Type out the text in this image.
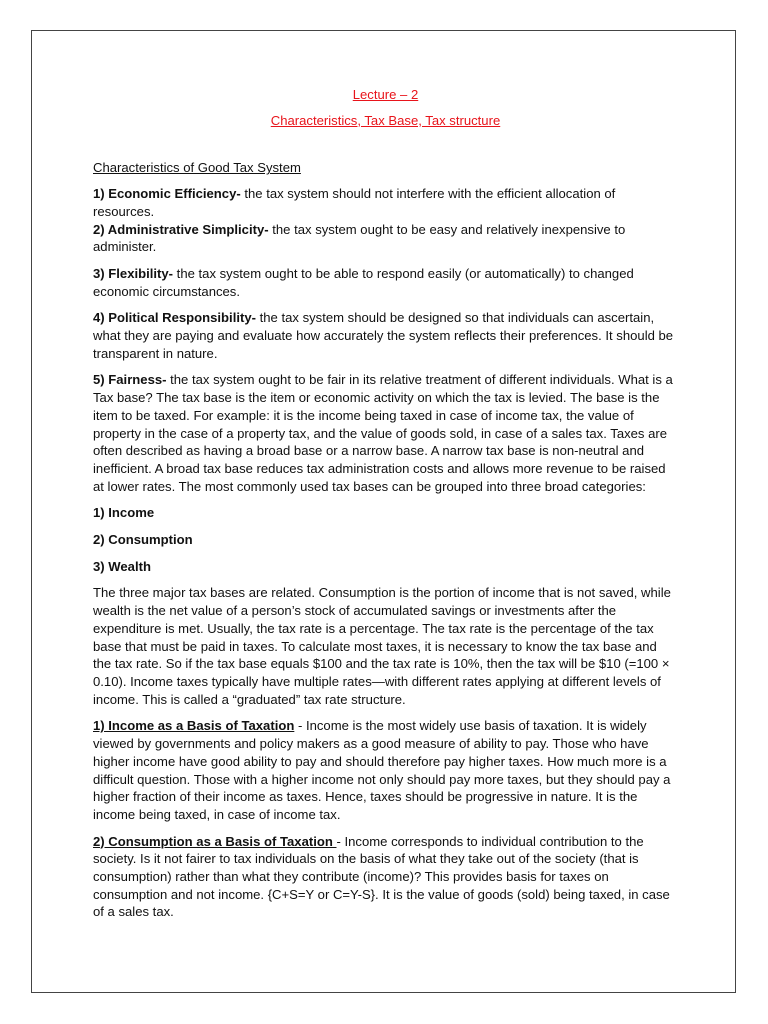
Lecture – 2
Characteristics, Tax Base, Tax structure
Characteristics of Good Tax System

1) Economic Efficiency- the tax system should not interfere with the efficient allocation of resources.

2) Administrative Simplicity- the tax system ought to be easy and relatively inexpensive to administer.

3) Flexibility- the tax system ought to be able to respond easily (or automatically) to changed economic circumstances.

4) Political Responsibility- the tax system should be designed so that individuals can ascertain, what they are paying and evaluate how accurately the system reflects their preferences. It should be transparent in nature.

5) Fairness- the tax system ought to be fair in its relative treatment of different individuals. What is a Tax base? The tax base is the item or economic activity on which the tax is levied. The base is the item to be taxed. For example: it is the income being taxed in case of income tax, the value of property in the case of a property tax, and the value of goods sold, in case of a sales tax. Taxes are often described as having a broad base or a narrow base. A narrow tax base is non-neutral and inefficient. A broad tax base reduces tax administration costs and allows more revenue to be raised at lower rates. The most commonly used tax bases can be grouped into three broad categories:

1) Income
2) Consumption
3) Wealth

The three major tax bases are related. Consumption is the portion of income that is not saved, while wealth is the net value of a person’s stock of accumulated savings or investments after the expenditure is met. Usually, the tax rate is a percentage. The tax rate is the percentage of the tax base that must be paid in taxes. To calculate most taxes, it is necessary to know the tax base and the tax rate. So if the tax base equals $100 and the tax rate is 10%, then the tax will be $10 (=100 × 0.10). Income taxes typically have multiple rates—with different rates applying at different levels of income. This is called a “graduated” tax rate structure.

1) Income as a Basis of Taxation - Income is the most widely use basis of taxation. It is widely viewed by governments and policy makers as a good measure of ability to pay. Those who have higher income have good ability to pay and should therefore pay higher taxes. How much more is a difficult question. Those with a higher income not only should pay more taxes, but they should pay a higher fraction of their income as taxes. Hence, taxes should be progressive in nature. It is the income being taxed, in case of income tax.

2) Consumption as a Basis of Taxation - Income corresponds to individual contribution to the society. Is it not fairer to tax individuals on the basis of what they take out of the society (that is consumption) rather than what they contribute (income)? This provides basis for taxes on consumption and not income. {C+S=Y or C=Y-S}. It is the value of goods (sold) being taxed, in case of a sales tax.
